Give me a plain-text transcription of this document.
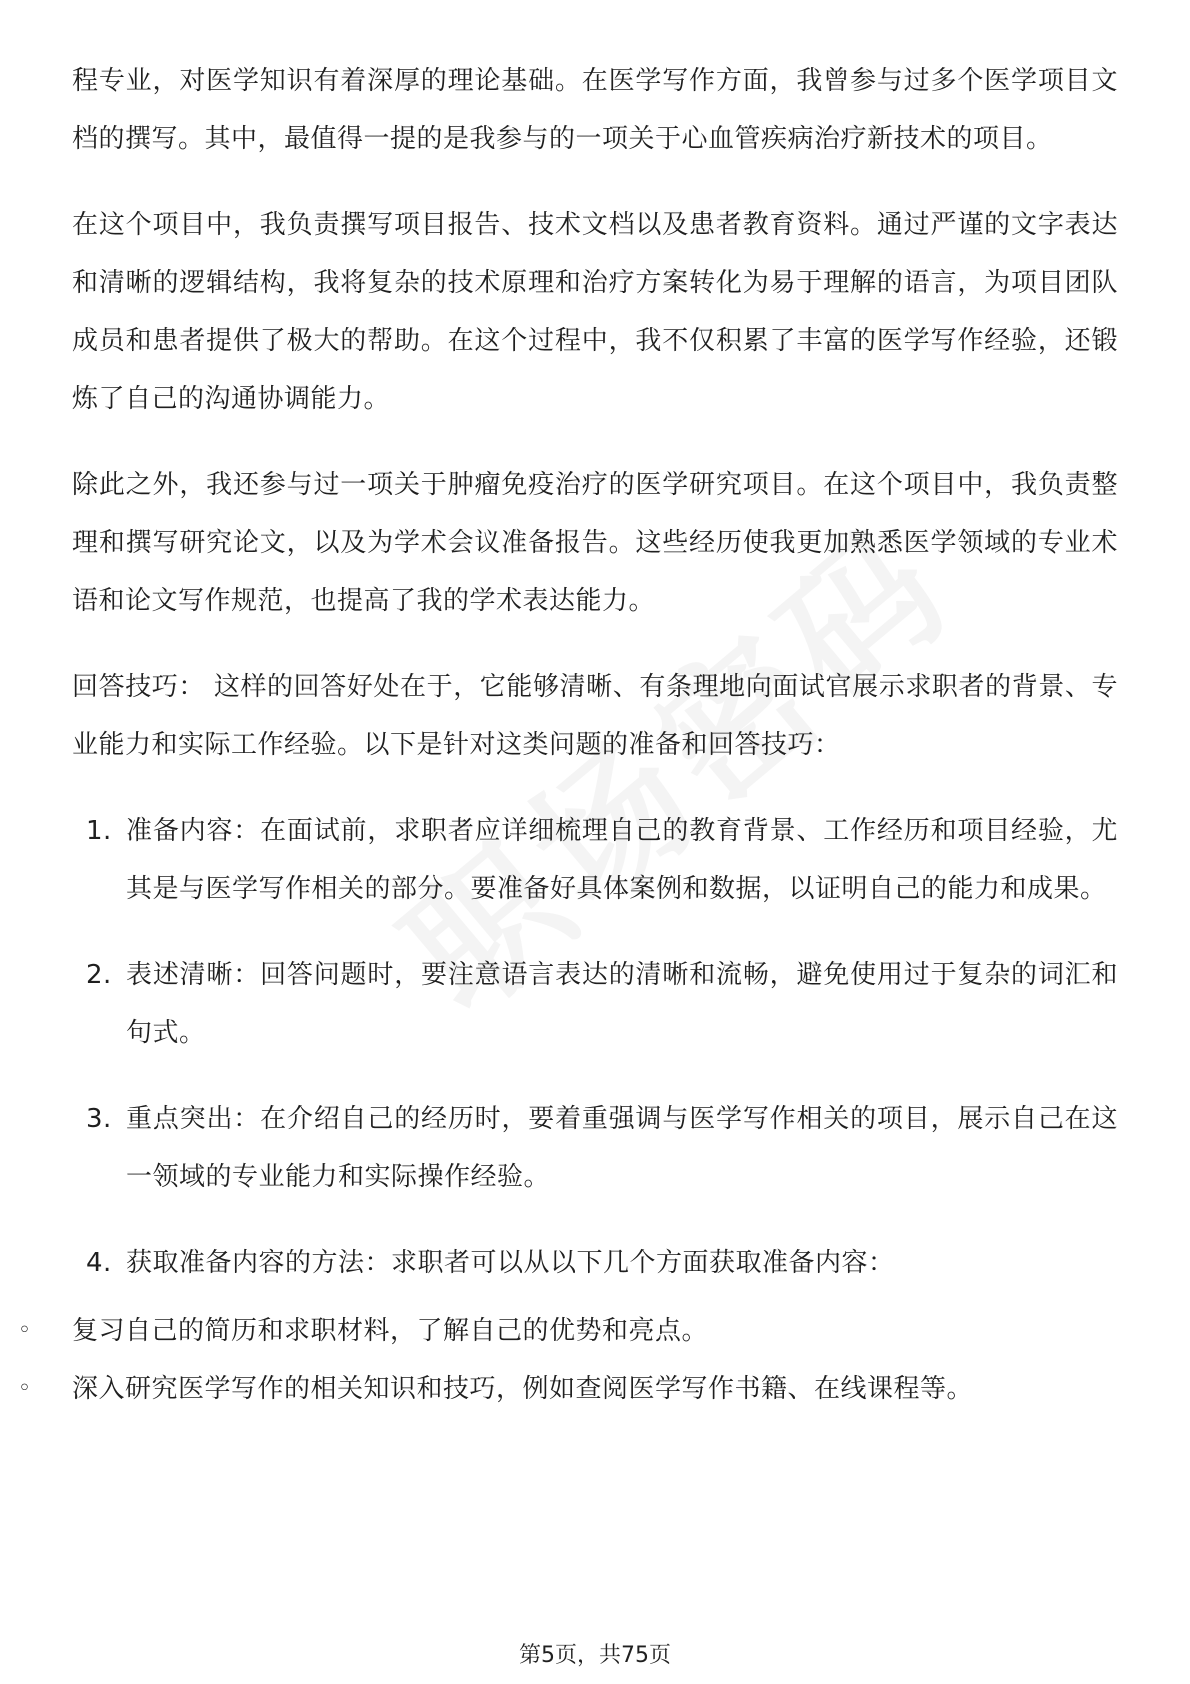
程专业，对医学知识有着深厚的理论基础。在医学写作方面，我曾参与过多个医学项目文档的撰写。其中，最值得一提的是我参与的一项关于心血管疾病治疗新技术的项目。

在这个项目中，我负责撰写项目报告、技术文档以及患者教育资料。通过严谨的文字表达和清晰的逻辑结构，我将复杂的技术原理和治疗方案转化为易于理解的语言，为项目团队成员和患者提供了极大的帮助。在这个过程中，我不仅积累了丰富的医学写作经验，还锻炼了自己的沟通协调能力。

除此之外，我还参与过一项关于肿瘤免疫治疗的医学研究项目。在这个项目中，我负责整理和撰写研究论文，以及为学术会议准备报告。这些经历使我更加熟悉医学领域的专业术语和论文写作规范，也提高了我的学术表达能力。

回答技巧： 这样的回答好处在于，它能够清晰、有条理地向面试官展示求职者的背景、专业能力和实际工作经验。以下是针对这类问题的准备和回答技巧：

1. 准备内容：在面试前，求职者应详细梳理自己的教育背景、工作经历和项目经验，尤其是与医学写作相关的部分。要准备好具体案例和数据，以证明自己的能力和成果。
2. 表述清晰：回答问题时，要注意语言表达的清晰和流畅，避免使用过于复杂的词汇和句式。
3. 重点突出：在介绍自己的经历时，要着重强调与医学写作相关的项目，展示自己在这一领域的专业能力和实际操作经验。
4. 获取准备内容的方法：求职者可以从以下几个方面获取准备内容：
◦ 复习自己的简历和求职材料，了解自己的优势和亮点。
◦ 深入研究医学写作的相关知识和技巧，例如查阅医学写作书籍、在线课程等。
第5页，共75页
